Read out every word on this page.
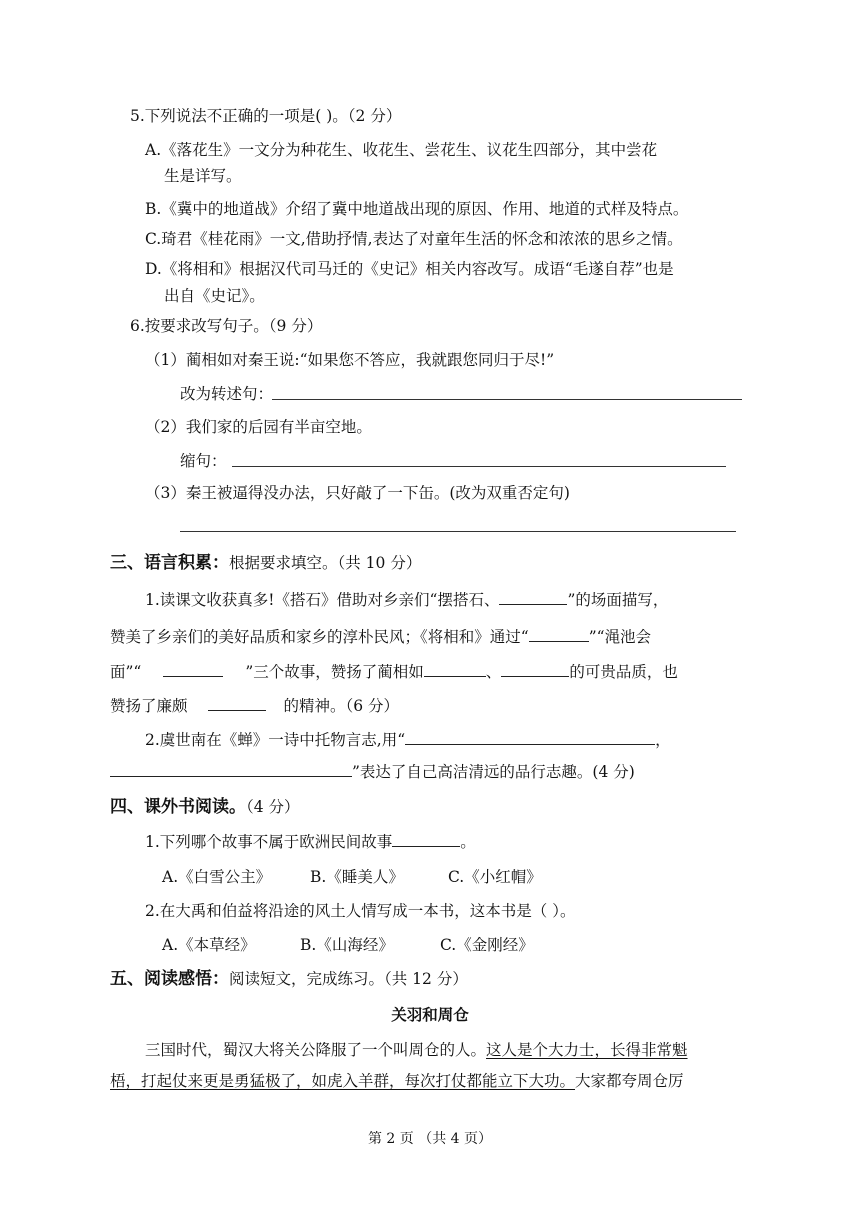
5.下列说法不正确的一项是( )。（2 分）
A.《落花生》一文分为种花生、收花生、尝花生、议花生四部分，其中尝花
生是详写。
B.《冀中的地道战》介绍了冀中地道战出现的原因、作用、地道的式样及特点。
C.琦君《桂花雨》一文,借助抒情,表达了对童年生活的怀念和浓浓的思乡之情。
D.《将相和》根据汉代司马迁的《史记》相关内容改写。成语“毛遂自荐”也是
出自《史记》。
6.按要求改写句子。（9 分）
（1）蔺相如对秦王说:“如果您不答应，我就跟您同归于尽!”
改为转述句：
（2）我们家的后园有半亩空地。
缩句：
（3）秦王被逼得没办法，只好敲了一下缶。(改为双重否定句)
三、语言积累：根据要求填空。（共 10 分）
1.读课文收获真多!《搭石》借助对乡亲们“摆搭石、	”的场面描写，
赞美了乡亲们的美好品质和家乡的淳朴民风；《将相和》通过“	”“渑池会
面”“	”三个故事，赞扬了蔺相如	、	的可贵品质，也
赞扬了廉颇	的精神。（6 分）
2.虞世南在《蝉》一诗中托物言志,用“	，
”表达了自己高洁清远的品行志趣。(4 分)
四、课外书阅读。（4 分）
1.下列哪个故事不属于欧洲民间故事	。
A.《白雪公主》	B.《睡美人》	C.《小红帽》
2.在大禹和伯益将沿途的风土人情写成一本书，这本书是（ ）。
A.《本草经》	B.《山海经》	C.《金刚经》
五、阅读感悟：阅读短文，完成练习。（共 12 分）
关羽和周仓
三国时代，蜀汉大将关公降服了一个叫周仓的人。这人是个大力士，长得非常魁
梧，打起仗来更是勇猛极了，如虎入羊群，每次打仗都能立下大功。大家都夸周仓厉
第 2 页 （共 4 页）
